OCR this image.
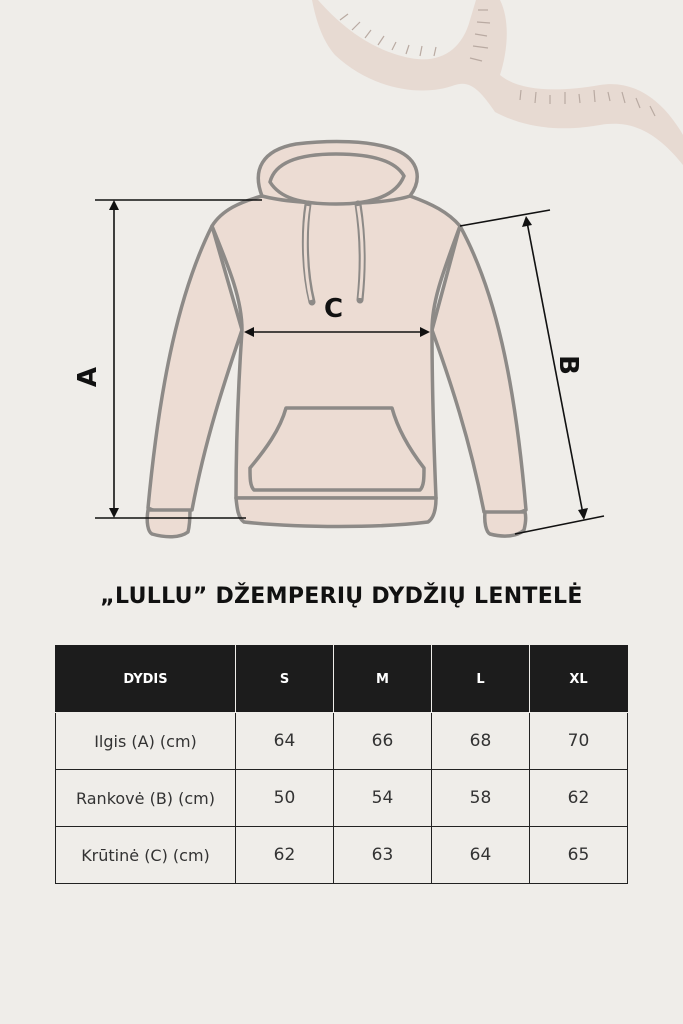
A
B
C
„LULLU” DŽEMPERIŲ DYDŽIŲ LENTELĖ
DYDIS	S	M	L	XL
Ilgis (A) (cm)	64	66	68	70
Rankovė (B) (cm)	50	54	58	62
Krūtinė (C) (cm)	62	63	64	65
